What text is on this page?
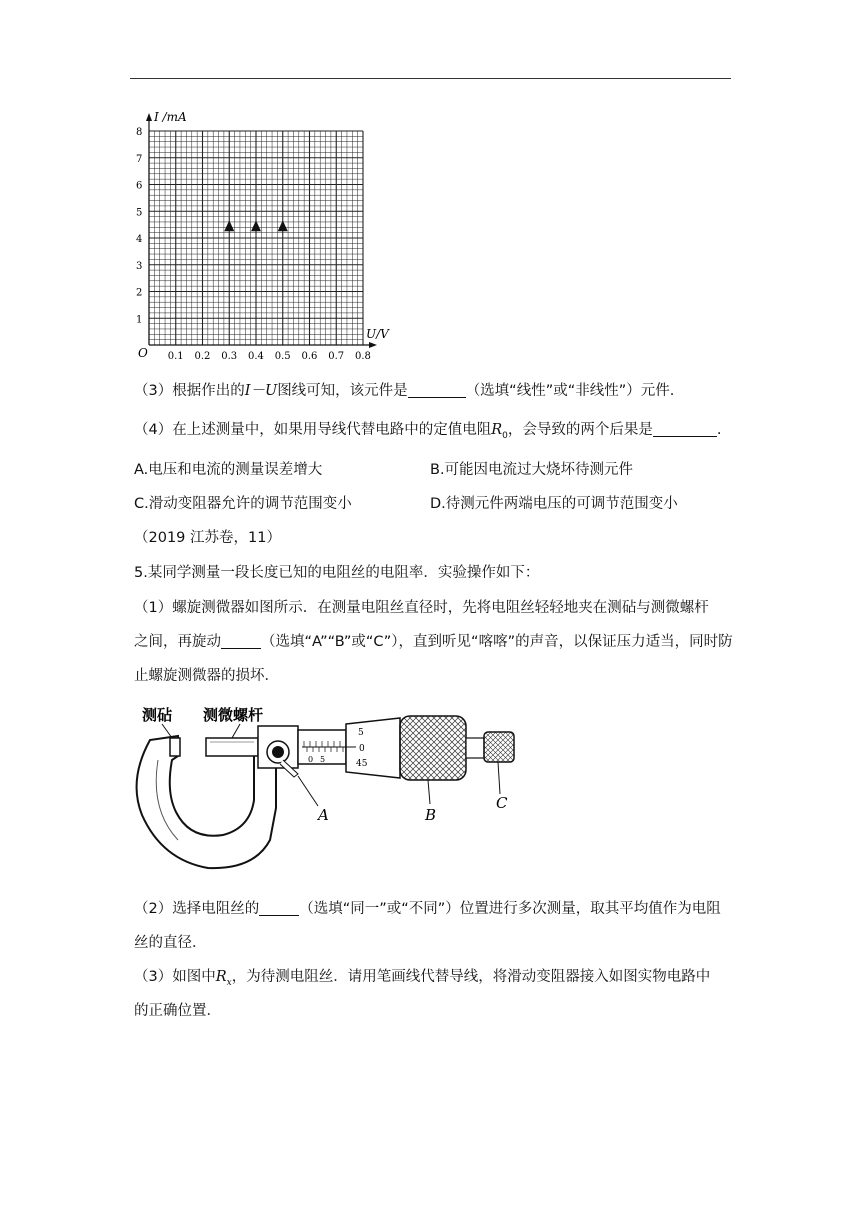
I /mA
U/V
O 0.1 0.2 0.3 0.4 0.5 0.6 0.7 0.8
1
2
3
4
5
6
7
8
（3）根据作出的I－U图线可知，该元件是	（选填“线性”或“非线性”）元件.
（4）在上述测量中，如果用导线代替电路中的定值电阻$R_0$，会导致的两个后果是	.
A.电压和电流的测量误差增大	B.可能因电流过大烧坏待测元件
C.滑动变阻器允许的调节范围变小	D.待测元件两端电压的可调节范围变小
（2019 江苏卷，11）
5.某同学测量一段长度已知的电阻丝的电阻率．实验操作如下：
（1）螺旋测微器如图所示．在测量电阻丝直径时，先将电阻丝轻轻地夹在测砧与测微螺杆
之间，再旋动	（选填“A”“B”或“C”），直到听见“喀喀”的声音，以保证压力适当，同时防
止螺旋测微器的损坏．
测砧 测微螺杆
0 5
5
0
45
A	B
C
（2）选择电阻丝的	（选填“同一”或“不同”）位置进行多次测量，取其平均值作为电阻
丝的直径．
（3）如图中$R_x$，为待测电阻丝．请用笔画线代替导线，将滑动变阻器接入如图实物电路中
的正确位置．
